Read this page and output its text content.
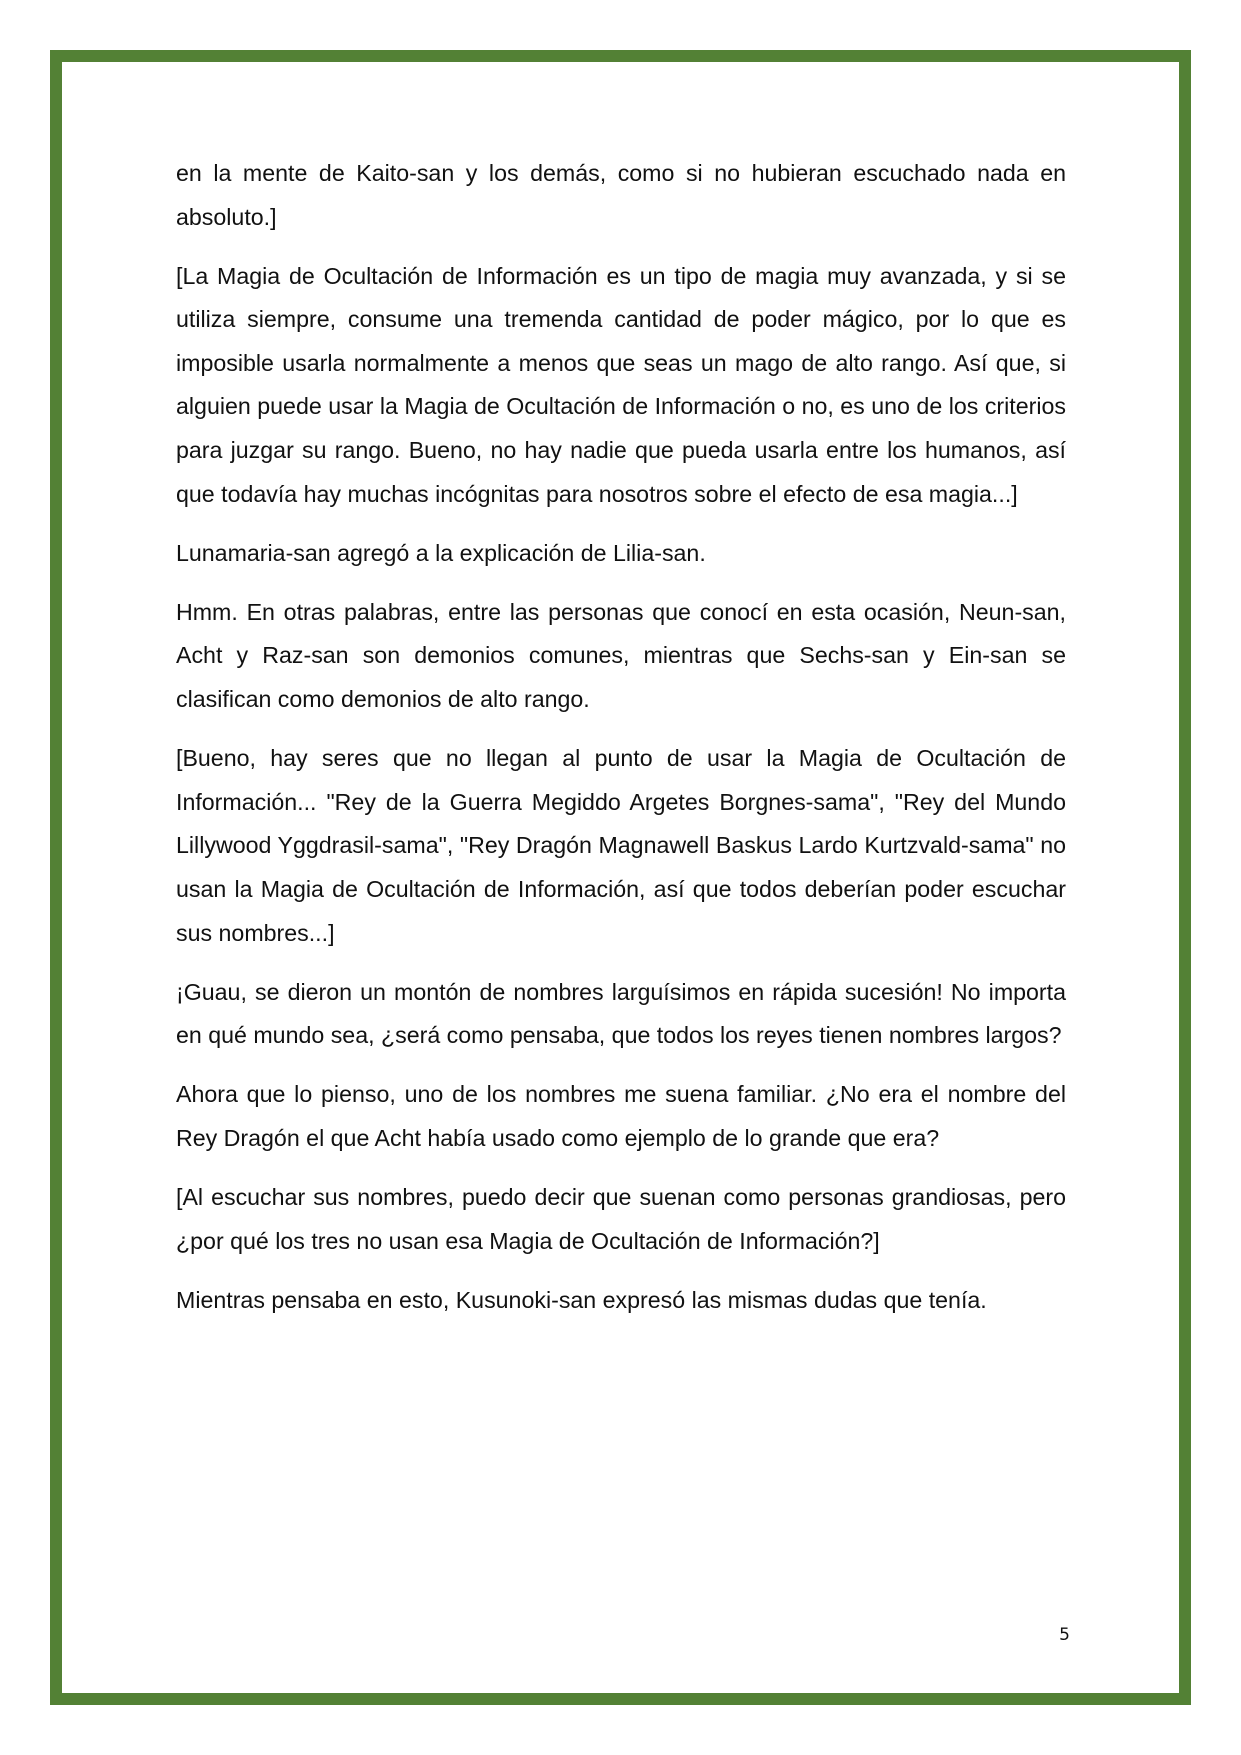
en la mente de Kaito-san y los demás, como si no hubieran escuchado nada en absoluto.]

[La Magia de Ocultación de Información es un tipo de magia muy avanzada, y si se utiliza siempre, consume una tremenda cantidad de poder mágico, por lo que es imposible usarla normalmente a menos que seas un mago de alto rango. Así que, si alguien puede usar la Magia de Ocultación de Información o no, es uno de los criterios para juzgar su rango. Bueno, no hay nadie que pueda usarla entre los humanos, así que todavía hay muchas incógnitas para nosotros sobre el efecto de esa magia...]

Lunamaria-san agregó a la explicación de Lilia-san.

Hmm. En otras palabras, entre las personas que conocí en esta ocasión, Neun-san, Acht y Raz-san son demonios comunes, mientras que Sechs-san y Ein-san se clasifican como demonios de alto rango.

[Bueno, hay seres que no llegan al punto de usar la Magia de Ocultación de Información... "Rey de la Guerra Megiddo Argetes Borgnes-sama", "Rey del Mundo Lillywood Yggdrasil-sama", "Rey Dragón Magnawell Baskus Lardo Kurtzvald-sama" no usan la Magia de Ocultación de Información, así que todos deberían poder escuchar sus nombres...]

¡Guau, se dieron un montón de nombres larguísimos en rápida sucesión! No importa en qué mundo sea, ¿será como pensaba, que todos los reyes tienen nombres largos?

Ahora que lo pienso, uno de los nombres me suena familiar. ¿No era el nombre del Rey Dragón el que Acht había usado como ejemplo de lo grande que era?

[Al escuchar sus nombres, puedo decir que suenan como personas grandiosas, pero ¿por qué los tres no usan esa Magia de Ocultación de Información?]

Mientras pensaba en esto, Kusunoki-san expresó las mismas dudas que tenía.

5
